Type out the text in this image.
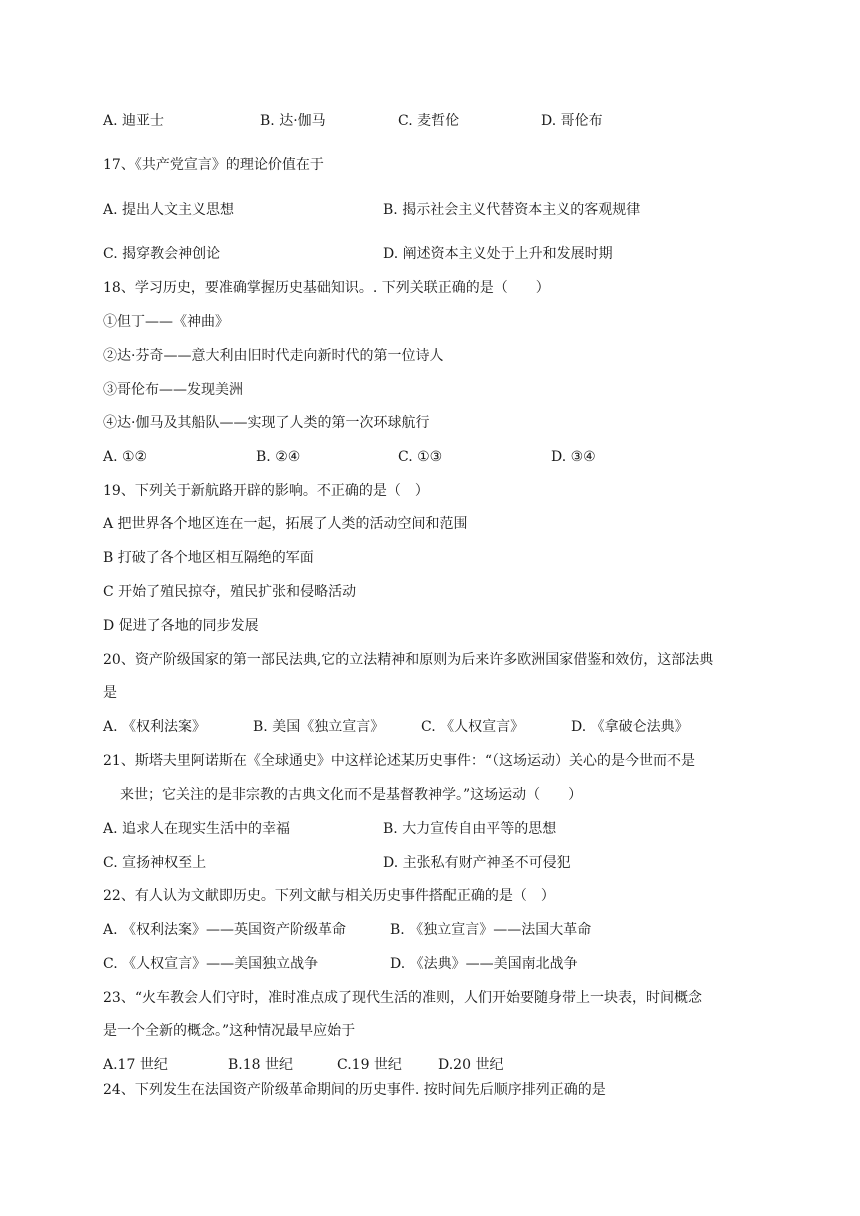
A. 迪亚士	B. 达·伽马	C. 麦哲伦	D. 哥伦布
17、《共产党宣言》的理论价值在于
A. 提出人文主义思想	B. 揭示社会主义代替资本主义的客观规律
C. 揭穿教会神创论	D. 阐述资本主义处于上升和发展时期
18、学习历史，要准确掌握历史基础知识。. 下列关联正确的是（　　）
①但丁——《神曲》
②达·芬奇——意大利由旧时代走向新时代的第一位诗人
③哥伦布——发现美洲
④达·伽马及其船队——实现了人类的第一次环球航行
A. ①②	B. ②④	C. ①③	D. ③④
19、下列关于新航路开辟的影响。不正确的是（　）
A 把世界各个地区连在一起，拓展了人类的活动空间和范围
B 打破了各个地区相互隔绝的军面
C 开始了殖民掠夺，殖民扩张和侵略活动
D 促进了各地的同步发展
20、资产阶级国家的第一部民法典,它的立法精神和原则为后来许多欧洲国家借鉴和效仿，这部法典
是
A. 《权利法案》	B. 美国《独立宣言》	C. 《人权宣言》	D. 《拿破仑法典》
21、斯塔夫里阿诺斯在《全球通史》中这样论述某历史事件：“（这场运动）关心的是今世而不是
来世；它关注的是非宗教的古典文化而不是基督教神学。”这场运动（　　）
A. 追求人在现实生活中的幸福	B. 大力宣传自由平等的思想
C. 宣扬神权至上	D. 主张私有财产神圣不可侵犯
22、有人认为文献即历史。下列文献与相关历史事件搭配正确的是（　）
A. 《权利法案》——英国资产阶级革命	B. 《独立宣言》——法国大革命
C. 《人权宣言》——美国独立战争	D. 《法典》——美国南北战争
23、“火车教会人们守时，准时准点成了现代生活的准则，人们开始要随身带上一块表，时间概念
是一个全新的概念。”这种情况最早应始于
A.17 世纪	B.18 世纪	C.19 世纪	D.20 世纪
24、下列发生在法国资产阶级革命期间的历史事件. 按时间先后顺序排列正确的是
